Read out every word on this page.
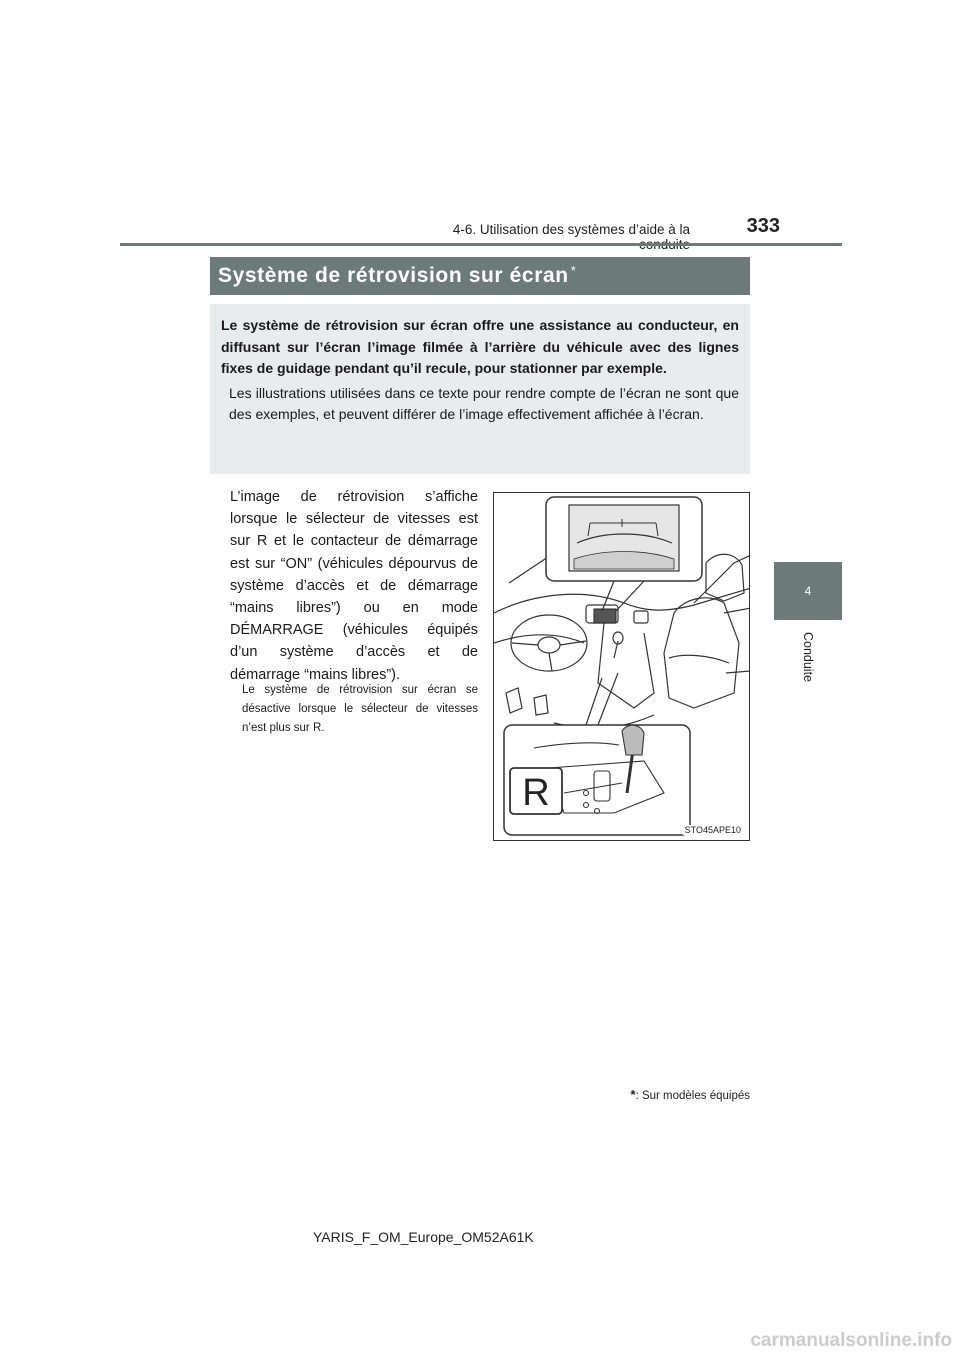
4-6. Utilisation des systèmes d’aide à la	333
4
Conduite
Système de rétrovision sur écran *

Le système de rétrovision sur écran offre une assistance au conducteur, en diffusant sur l’écran l’image filmée à l’arrière du véhicule avec des lignes fixes de guidage pendant qu’il recule, pour stationner par exemple.

Les illustrations utilisées dans ce texte pour rendre compte de l’écran ne sont que des exemples, et peuvent différer de l’image effectivement affichée à l’écran.

L’image de rétrovision s’affiche lorsque le sélecteur de vitesses est sur R et le contacteur de démarrage est sur “ON” (véhicules dépourvus de système d’accès et de démarrage “mains libres”) ou en mode DÉMARRAGE (véhicules équipés d’un système d’accès et de démarrage “mains libres”).

Le système de rétrovision sur écran se désactive lorsque le sélecteur de vitesses n’est plus sur R.

R
STO45APE10
*: Sur modèles équipés
YARIS_F_OM_Europe_OM52A61K
carmanualsonline.info
